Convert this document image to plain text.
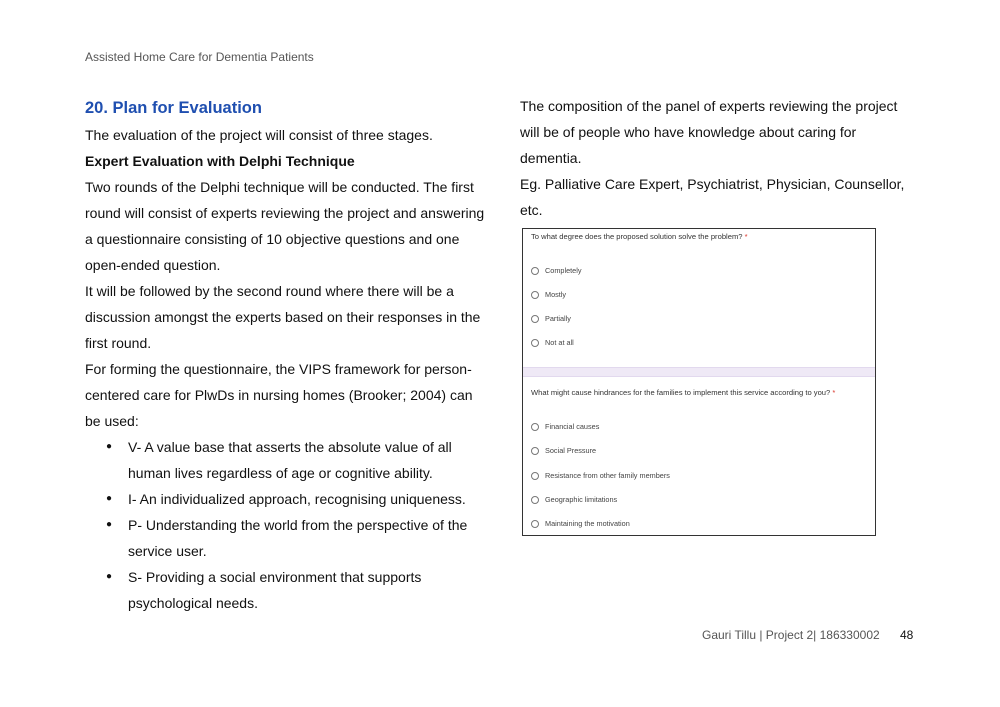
Assisted Home Care for Dementia Patients
20. Plan for Evaluation

The evaluation of the project will consist of three stages.

Expert Evaluation with Delphi Technique

Two rounds of the Delphi technique will be conducted. The first round will consist of experts reviewing the project and answering a questionnaire consisting of 10 objective questions and one open-ended question.

It will be followed by the second round where there will be a discussion amongst the experts based on their responses in the first round.

For forming the questionnaire, the VIPS framework for person-centered care for PlwDs in nursing homes (Brooker; 2004) can be used:

● V- A value base that asserts the absolute value of all human lives regardless of age or cognitive ability.
● I- An individualized approach, recognising uniqueness.
● P- Understanding the world from the perspective of the service user.
● S- Providing a social environment that supports psychological needs.

The composition of the panel of experts reviewing the project will be of people who have knowledge about caring for dementia.

Eg. Palliative Care Expert, Psychiatrist, Physician, Counsellor, etc.

To what degree does the proposed solution solve the problem? *
Completely
Mostly
Partially
Not at all
What might cause hindrances for the families to implement this service according to you? *
Financial causes
Social Pressure
Resistance from other family members
Geographic limitations
Maintaining the motivation
Gauri Tillu | Project 2| 186330002 48
